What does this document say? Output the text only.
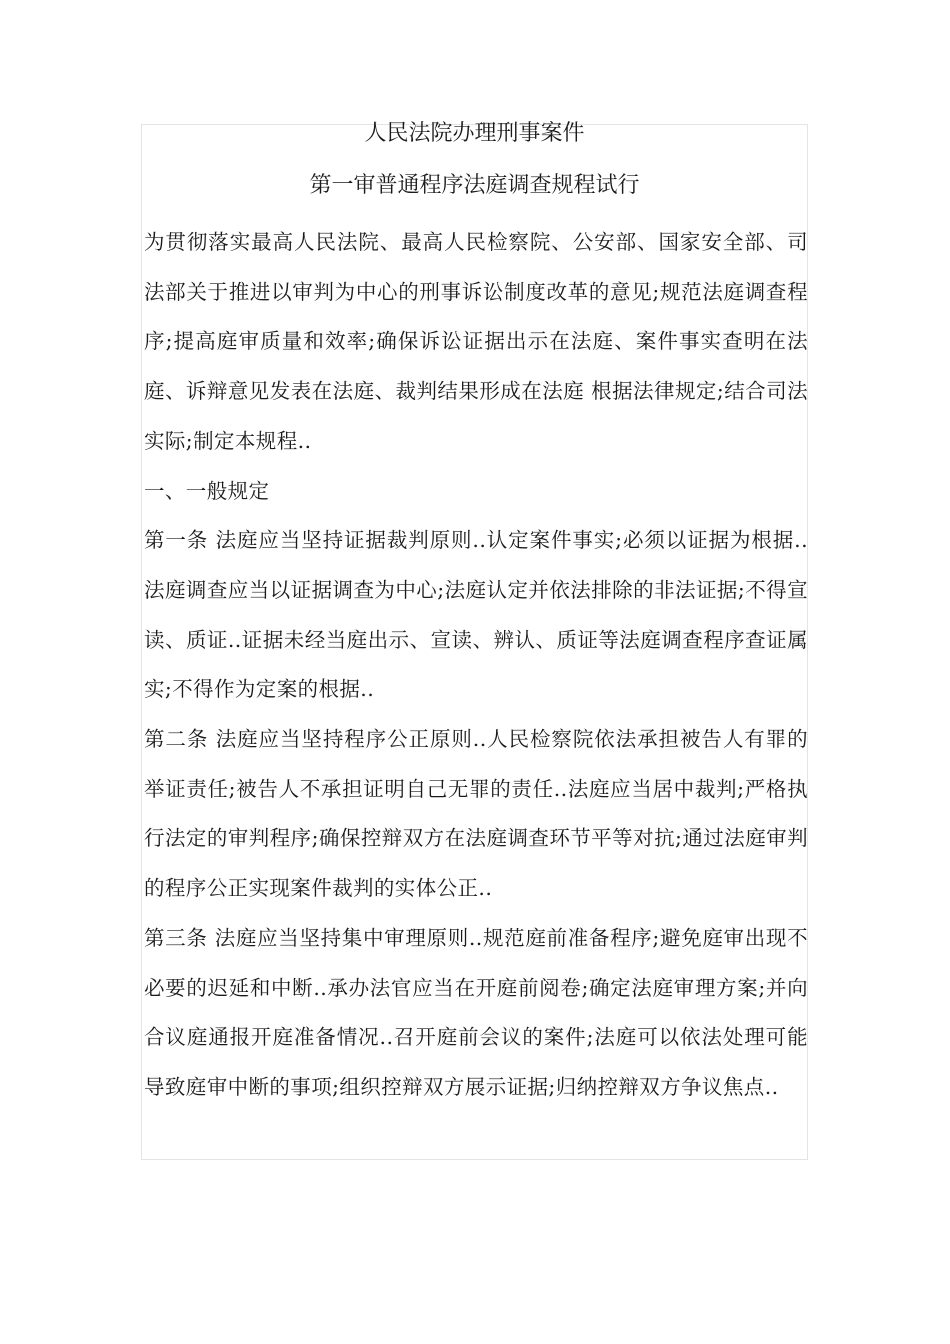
人民法院办理刑事案件
第一审普通程序法庭调查规程试行

为贯彻落实最高人民法院、最高人民检察院、公安部、国家安全部、司法部关于推进以审判为中心的刑事诉讼制度改革的意见;规范法庭调查程序;提高庭审质量和效率;确保诉讼证据出示在法庭、案件事实查明在法庭、诉辩意见发表在法庭、裁判结果形成在法庭 根据法律规定;结合司法实际;制定本规程..

一、一般规定

第一条 法庭应当坚持证据裁判原则..认定案件事实;必须以证据为根据..法庭调查应当以证据调查为中心;法庭认定并依法排除的非法证据;不得宣读、质证..证据未经当庭出示、宣读、辨认、质证等法庭调查程序查证属实;不得作为定案的根据..

第二条 法庭应当坚持程序公正原则..人民检察院依法承担被告人有罪的举证责任;被告人不承担证明自己无罪的责任..法庭应当居中裁判;严格执行法定的审判程序;确保控辩双方在法庭调查环节平等对抗;通过法庭审判的程序公正实现案件裁判的实体公正..

第三条 法庭应当坚持集中审理原则..规范庭前准备程序;避免庭审出现不必要的迟延和中断..承办法官应当在开庭前阅卷;确定法庭审理方案;并向合议庭通报开庭准备情况..召开庭前会议的案件;法庭可以依法处理可能导致庭审中断的事项;组织控辩双方展示证据;归纳控辩双方争议焦点..
